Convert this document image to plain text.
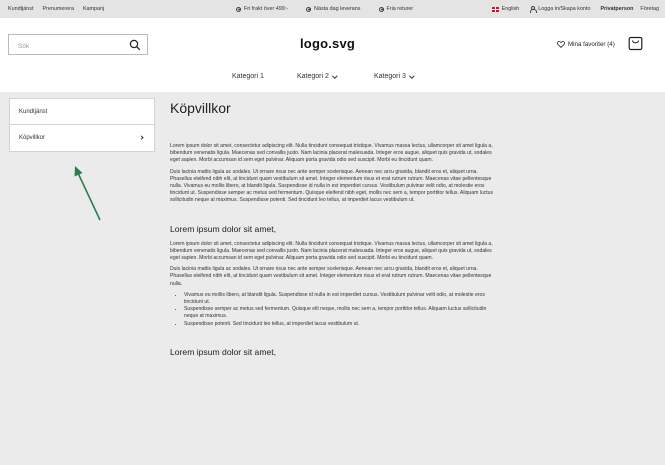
Kundtjänst Prenumerera Kampanj	Fri frakt över 499:-	Nästa dag leverans	Fria returer	English	Logga in/Skapa konto Privatperson Företag
Sök
logo.svg	Mina favoriter (4)
Kategori 1	Kategori 2	Kategori 3
Kundtjänst
Köpvillkor
Köpvillkor

Lorem ipsum dolor sit amet, consectetur adipiscing elit. Nulla tincidunt consequat tristique. Vivamus massa lectus, ullamcorper sit amet ligula a, bibendum venenatis ligula. Maecenas sed convallis justo. Nam lacinia placerat malesuada. Integer eros augue, aliquet quis gravida ut, sodales eget sapien. Morbi accumsan id sem eget pulvinar. Aliquam porta gravida odio sed suscipit. Morbi eu tincidunt quam.

Duis lacinia mattis ligula ac sodales. Ut ornare risus nec ante semper scelerisque. Aenean nec arcu gravida, blandit eros et, aliquet urna. Phasellus eleifend nibh elit, at tincidunt quam vestibulum sit amet. Integer elementum risus et erat rutrum rutrum. Maecenas vitae pellentesque nulla. Vivamus eu mollis libero, at blandit ligula. Suspendisse id nulla in est imperdiet cursus. Vestibulum pulvinar velit odio, at molestie eros tincidunt ut. Suspendisse semper ac metus sed fermentum. Quisque eleifend nibh eget, mollis nec sem a, tempor porttitor tellus. Aliquam luctus sollicitudin neque at maximus. Suspendisse potenti. Sed tincidunt leo tellus, at imperdiet lacus vestibulum ut.

Lorem ipsum dolor sit amet,

Lorem ipsum dolor sit amet, consectetur adipiscing elit. Nulla tincidunt consequat tristique. Vivamus massa lectus, ullamcorper sit amet ligula a, bibendum venenatis ligula. Maecenas sed convallis justo. Nam lacinia placerat malesuada. Integer eros augue, aliquet quis gravida ut, sodales eget sapien. Morbi accumsan id sem eget pulvinar. Aliquam porta gravida odio sed suscipit. Morbi eu tincidunt quam.

Duis lacinia mattis ligula ac sodales. Ut ornare risus nec ante semper scelerisque. Aenean nec arcu gravida, blandit eros et, aliquet urna. Phasellus eleifend nibh elit, at tincidunt quam vestibulum sit amet. Integer elementum risus et erat rutrum rutrum. Maecenas vitae pellentesque nulla.

• Vivamus eu mollis libero, at blandit ligula. Suspendisse id nulla in est imperdiet cursus. Vestibulum pulvinar velit odio, at molestie eros tincidunt ut.
• Suspendisse semper ac metus sed fermentum. Quisque elit neque, mollis nec sem a, tempor porttitor tellus. Aliquam luctus sollicitudin neque at maximus.
• Suspendisse potenti. Sed tincidunt leo tellus, at imperdiet lacus vestibulum ut.
Lorem ipsum dolor sit amet,
